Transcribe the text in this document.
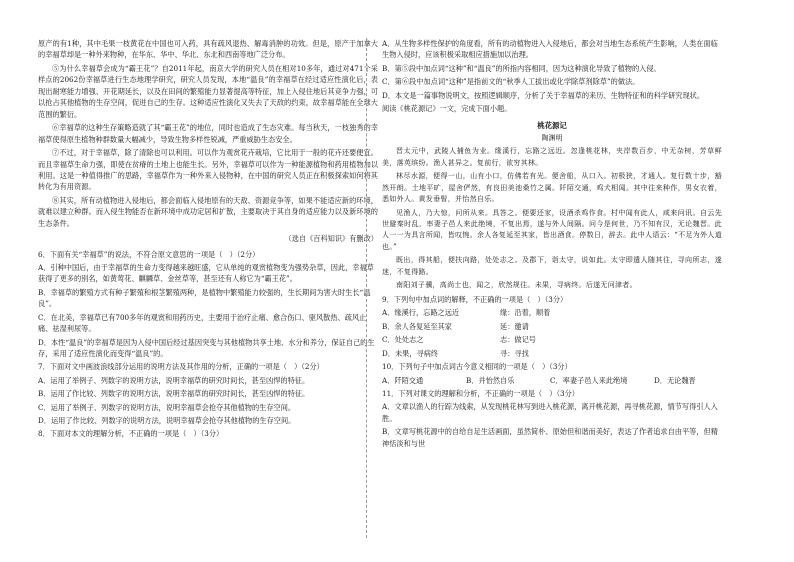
原产的有1种，其中毛果一枝黄花在中国也可入药，具有疏风退热、解毒消肿的功效。但是，原产于加拿大的幸福草却是一种外来物种，在华东、华中、华北、东北和西南等地广泛分布。

⑤为什么幸福草会成为“霸王花”？自2011年起，南京大学的研究人员在相对10多年，通过对471个采样点的2062份幸福草进行生态地理学研究，研究人员发现，本地“温良”的幸福草在经过适应性演化后，表现出耐寒能力增强、开花期延长，以及在田间的繁殖能力显著提高等特征，加上入侵住地后其竞争力强，可以抢占其他植物的生存空间，促进自己的生存。这种适应性演化又失去了天敌的约束，故幸福草能在全球大范围的繁衍。

⑥幸福草的这种生存策略造就了其“霸王花”的地位，同时也造成了生态灾难。每当秋天，一枝独秀的幸福草使得原生植物种群数量大幅减少，导致生物多样性锐减，严重威胁生态安全。

⑦不过，对于幸福草，除了清除也可以利用。可以作为观赏花卉栽培，它比用于一般的花卉还要便宜。而且幸福草生命力强，即使在贫瘠的土地上也能生长。另外，幸福草可以作为一种能源植物和药用植物加以利用。这是一种值得推广的思路，幸福草作为一种外来入侵物种，在中国的研究人员正在积极探索如何将其转化为有用资源。

⑧其实，所有动植物进入侵地后，都会面临入侵地原有的天敌、资源竞争等，如果不能适应新的环境，就难以建立种群。而入侵生物能否在新环境中成功定居和扩散，主要取决于其自身的适应能力以及新环境的生态条件。

（选自《百科知识》有删改）

6．下面有关“幸福草”的说法，不符合原文意思的一项是（　）（2分）

A．引种中国后，由于幸福草的生命力变得越来越旺盛，它从单纯的观赏植物变为强势杂草，因此，幸福草获得了更多的别名，如黄莺花、麒麟草、金丝草等，甚至还有人称它为“霸王花”。

B．幸福草的繁殖方式有种子繁殖和根茎繁殖两种，是植物中繁殖能力较强的，生长期间为害大时生长“温良”。

C．在北美，幸福草已有700多年的观赏和用药历史，主要用于治疗止痛、愈合伤口、驱风散热、疏风止痛、祛湿利尿等。

D．本性“温良”的幸福草是因为入侵中国后经过基因突变与其他植物共享土地、水分和养分，保证自己的生存，采用了适应性演化而变得“温良”的。

7．下面对文中画波浪线部分运用的说明方法及其作用的分析，正确的一项是（　）（2分）

A．运用了举例子、列数字的说明方法，说明幸福草的研究时间长，甚至凶悍的特征。

B．运用了作比较、列数字的说明方法，说明幸福草的研究时间长，甚至凶悍的特征。

C．运用了举例子、列数字的说明方法，说明幸福草会抢夺其他植物的生存空间。

D．运用了作比较、列数字的说明方法，说明幸福草会抢夺其他植物的生存空间。

8．下面对本文的理解分析，不正确的一项是（　）（3分）

A．从生物多样性保护的角度看，所有的动植物进入入侵地后，都会对当地生态系统产生影响，人类在面临生物入侵时，应该积极采取相应措施加以治理。

B．第⑤段中加点词“这种”和“温良”的所指内容相同，因为这种演化导致了植物的入侵。

C．第⑥段中加点词“这种”是指前文的“秋季人工拔出或化学除草剂除草”的做法。

D．本文是一篇事物说明文，按照逻辑顺序，分析了关于幸福草的来历、生物特征和的科学研究现状。

阅读《桃花源记》一文，完成下面小题。

桃花源记

陶渊明

晋太元中，武陵人捕鱼为业。缘溪行，忘路之远近。忽逢桃花林，夹岸数百步，中无杂树，芳草鲜美，落英缤纷。渔人甚异之。复前行，欲穷其林。

林尽水源，便得一山，山有小口，仿佛若有光。便舍船，从口入。初极狭，才通人。复行数十步，豁然开朗。土地平旷，屋舍俨然，有良田美池桑竹之属。阡陌交通，鸡犬相闻。其中往来种作，男女衣着，悉如外人。黄发垂髫，并怡然自乐。

见渔人，乃大惊，问所从来。具答之。便要还家，设酒杀鸡作食。村中闻有此人，咸来问讯。自云先世避秦时乱，率妻子邑人来此绝境，不复出焉，遂与外人间隔。问今是何世，乃不知有汉，无论魏晋。此人一一为具言所闻，皆叹惋。余人各复延至其家，皆出酒食。停数日，辞去。此中人语云：“不足为外人道也。”

既出，得其船，便扶向路，处处志之。及郡下，诣太守，说如此。太守即遣人随其往，寻向所志，遂迷，不复得路。

南阳刘子骥，高尚士也，闻之，欣然规往。未果，寻病终。后遂无问津者。

9．下列句中加点词的解释，不正确的一项是（　）（3分）

A．缘溪行，忘路之远近	缘：沿着，顺着
B．余人各复延至其家	延：邀请
C．处处志之	志：做记号
D．未果，寻病终	寻：寻找

10．下列句子中加点词古今意义相同的一项是（　）（3分）

A．阡陌交通	B．并怡然自乐	C．率妻子邑人来此绝境	D．无论魏晋

11．下列对课文的理解和分析，不正确的一项是（　）（3分）

A．文章以渔人的行踪为线索，从发现桃花林写到进入桃花源，离开桃花源，再寻桃花源，情节写得引人入胜。

B．文章写桃花源中的自给自足生活画面，虽然简朴、原始但和谐而美好，表达了作者追求自由平等，但精神恬淡和与世
